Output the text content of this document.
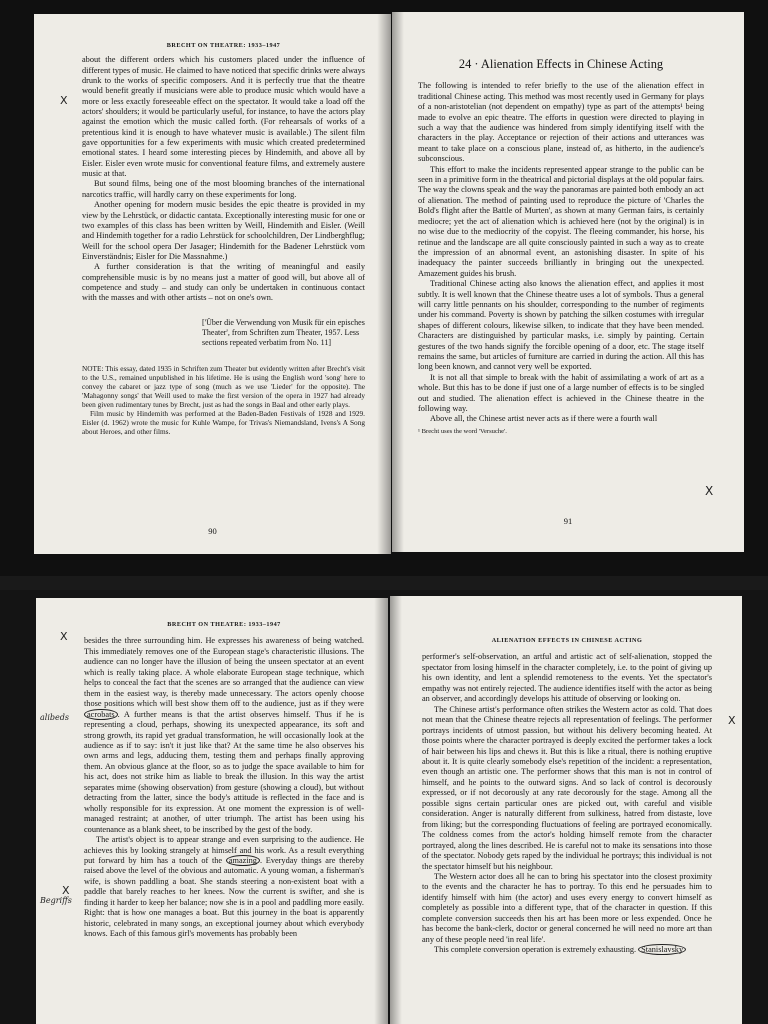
BRECHT ON THEATRE: 1933–1947

about the different orders which his customers placed under the influence of different types of music. He claimed to have noticed that specific drinks were always drunk to the works of specific composers. And it is perfectly true that the theatre would benefit greatly if musicians were able to produce music which would have a more or less exactly foreseeable effect on the spectator. It would take a load off the actors' shoulders; it would be particularly useful, for instance, to have the actors play against the emotion which the music called forth. (For rehearsals of works of a pretentious kind it is enough to have whatever music is available.) The silent film gave opportunities for a few experiments with music which created predetermined emotional states. I heard some interesting pieces by Hindemith, and above all by Eisler. Eisler even wrote music for conventional feature films, and extremely austere music at that.

But sound films, being one of the most blooming branches of the international narcotics traffic, will hardly carry on these experiments for long.

Another opening for modern music besides the epic theatre is provided in my view by the Lehrstück, or didactic cantata. Exceptionally interesting music for one or two examples of this class has been written by Weill, Hindemith and Eisler. (Weill and Hindemith together for a radio Lehrstück for schoolchildren, Der Lindberghflug; Weill for the school opera Der Jasager; Hindemith for the Badener Lehrstück vom Einverständnis; Eisler for Die Massnahme.)

A further consideration is that the writing of meaningful and easily comprehensible music is by no means just a matter of good will, but above all of competence and study – and study can only be undertaken in continuous contact with the masses and with other artists – not on one's own.

['Über die Verwendung von Musik für ein episches Theater', from Schriften zum Theater, 1957. Less sections repeated verbatim from No. 11]

NOTE: This essay, dated 1935 in Schriften zum Theater but evidently written after Brecht's visit to the U.S., remained unpublished in his lifetime. He is using the English word 'song' here to convey the cabaret or jazz type of song (much as we use 'Lieder' for the opposite). The 'Mahagonny songs' that Weill used to make the first version of the opera in 1927 had already been given rudimentary tunes by Brecht, just as had the songs in Baal and other early plays.

Film music by Hindemith was performed at the Baden-Baden Festivals of 1928 and 1929. Eisler (d. 1962) wrote the music for Kuhle Wampe, for Trivas's Niemandsland, Ivens's A Song about Heroes, and other films.

90
X
24 · Alienation Effects in Chinese Acting

The following is intended to refer briefly to the use of the alienation effect in traditional Chinese acting. This method was most recently used in Germany for plays of a non-aristotelian (not dependent on empathy) type as part of the attempts¹ being made to evolve an epic theatre. The efforts in question were directed to playing in such a way that the audience was hindered from simply identifying itself with the characters in the play. Acceptance or rejection of their actions and utterances was meant to take place on a conscious plane, instead of, as hitherto, in the audience's subconscious.

This effort to make the incidents represented appear strange to the public can be seen in a primitive form in the theatrical and pictorial displays at the old popular fairs. The way the clowns speak and the way the panoramas are painted both embody an act of alienation. The method of painting used to reproduce the picture of 'Charles the Bold's flight after the Battle of Murten', as shown at many German fairs, is certainly mediocre; yet the act of alienation which is achieved here (not by the original) is in no wise due to the mediocrity of the copyist. The fleeing commander, his horse, his retinue and the landscape are all quite consciously painted in such a way as to create the impression of an abnormal event, an astonishing disaster. In spite of his inadequacy the painter succeeds brilliantly in bringing out the unexpected. Amazement guides his brush.

Traditional Chinese acting also knows the alienation effect, and applies it most subtly. It is well known that the Chinese theatre uses a lot of symbols. Thus a general will carry little pennants on his shoulder, corresponding to the number of regiments under his command. Poverty is shown by patching the silken costumes with irregular shapes of different colours, likewise silken, to indicate that they have been mended. Characters are distinguished by particular masks, i.e. simply by painting. Certain gestures of the two hands signify the forcible opening of a door, etc. The stage itself remains the same, but articles of furniture are carried in during the action. All this has long been known, and cannot very well be exported.

It is not all that simple to break with the habit of assimilating a work of art as a whole. But this has to be done if just one of a large number of effects is to be singled out and studied. The alienation effect is achieved in the Chinese theatre in the following way.

Above all, the Chinese artist never acts as if there were a fourth wall

¹ Brecht uses the word 'Versuche'.
91
X
BRECHT ON THEATRE: 1933–1947

besides the three surrounding him. He expresses his awareness of being watched. This immediately removes one of the European stage's characteristic illusions. The audience can no longer have the illusion of being the unseen spectator at an event which is really taking place. A whole elaborate European stage technique, which helps to conceal the fact that the scenes are so arranged that the audience can view them in the easiest way, is thereby made unnecessary. The actors openly choose those positions which will best show them off to the audience, just as if they were acrobats . A further means is that the artist observes himself. Thus if he is representing a cloud, perhaps, showing its unexpected appearance, its soft and strong growth, its rapid yet gradual transformation, he will occasionally look at the audience as if to say: isn't it just like that? At the same time he also observes his own arms and legs, adducing them, testing them and perhaps finally approving them. An obvious glance at the floor, so as to judge the space available to him for his act, does not strike him as liable to break the illusion. In this way the artist separates mime (showing observation) from gesture (showing a cloud), but without detracting from the latter, since the body's attitude is reflected in the face and is wholly responsible for its expression. At one moment the expression is of well-managed restraint; at another, of utter triumph. The artist has been using his countenance as a blank sheet, to be inscribed by the gest of the body.

The artist's object is to appear strange and even surprising to the audience. He achieves this by looking strangely at himself and his work. As a result everything put forward by him has a touch of the amazing . Everyday things are thereby raised above the level of the obvious and automatic. A young woman, a fisherman's wife, is shown paddling a boat. She stands steering a non-existent boat with a paddle that barely reaches to her knees. Now the current is swifter, and she is finding it harder to keep her balance; now she is in a pool and paddling more easily. Right: that is how one manages a boat. But this journey in the boat is apparently historic, celebrated in many songs, an exceptional journey about which everybody knows. Each of this famous girl's movements has probably been

X
alibeds
Begriffs
X
ALIENATION EFFECTS IN CHINESE ACTING

performer's self-observation, an artful and artistic act of self-alienation, stopped the spectator from losing himself in the character completely, i.e. to the point of giving up his own identity, and lent a splendid remoteness to the events. Yet the spectator's empathy was not entirely rejected. The audience identifies itself with the actor as being an observer, and accordingly develops his attitude of observing or looking on.

The Chinese artist's performance often strikes the Western actor as cold. That does not mean that the Chinese theatre rejects all representation of feelings. The performer portrays incidents of utmost passion, but without his delivery becoming heated. At those points where the character portrayed is deeply excited the performer takes a lock of hair between his lips and chews it. But this is like a ritual, there is nothing eruptive about it. It is quite clearly somebody else's repetition of the incident: a representation, even though an artistic one. The performer shows that this man is not in control of himself, and he points to the outward signs. And so lack of control is decorously expressed, or if not decorously at any rate decorously for the stage. Among all the possible signs certain particular ones are picked out, with careful and visible consideration. Anger is naturally different from sulkiness, hatred from distaste, love from liking; but the corresponding fluctuations of feeling are portrayed economically. The coldness comes from the actor's holding himself remote from the character portrayed, along the lines described. He is careful not to make its sensations into those of the spectator. Nobody gets raped by the individual he portrays; this individual is not the spectator himself but his neighbour.

The Western actor does all he can to bring his spectator into the closest proximity to the events and the character he has to portray. To this end he persuades him to identify himself with him (the actor) and uses every energy to convert himself as completely as possible into a different type, that of the character in question. If this complete conversion succeeds then his art has been more or less expended. Once he has become the bank-clerk, doctor or general concerned he will need no more art than any of these people need 'in real life'.

This complete conversion operation is extremely exhausting. Stanislavsky

X
